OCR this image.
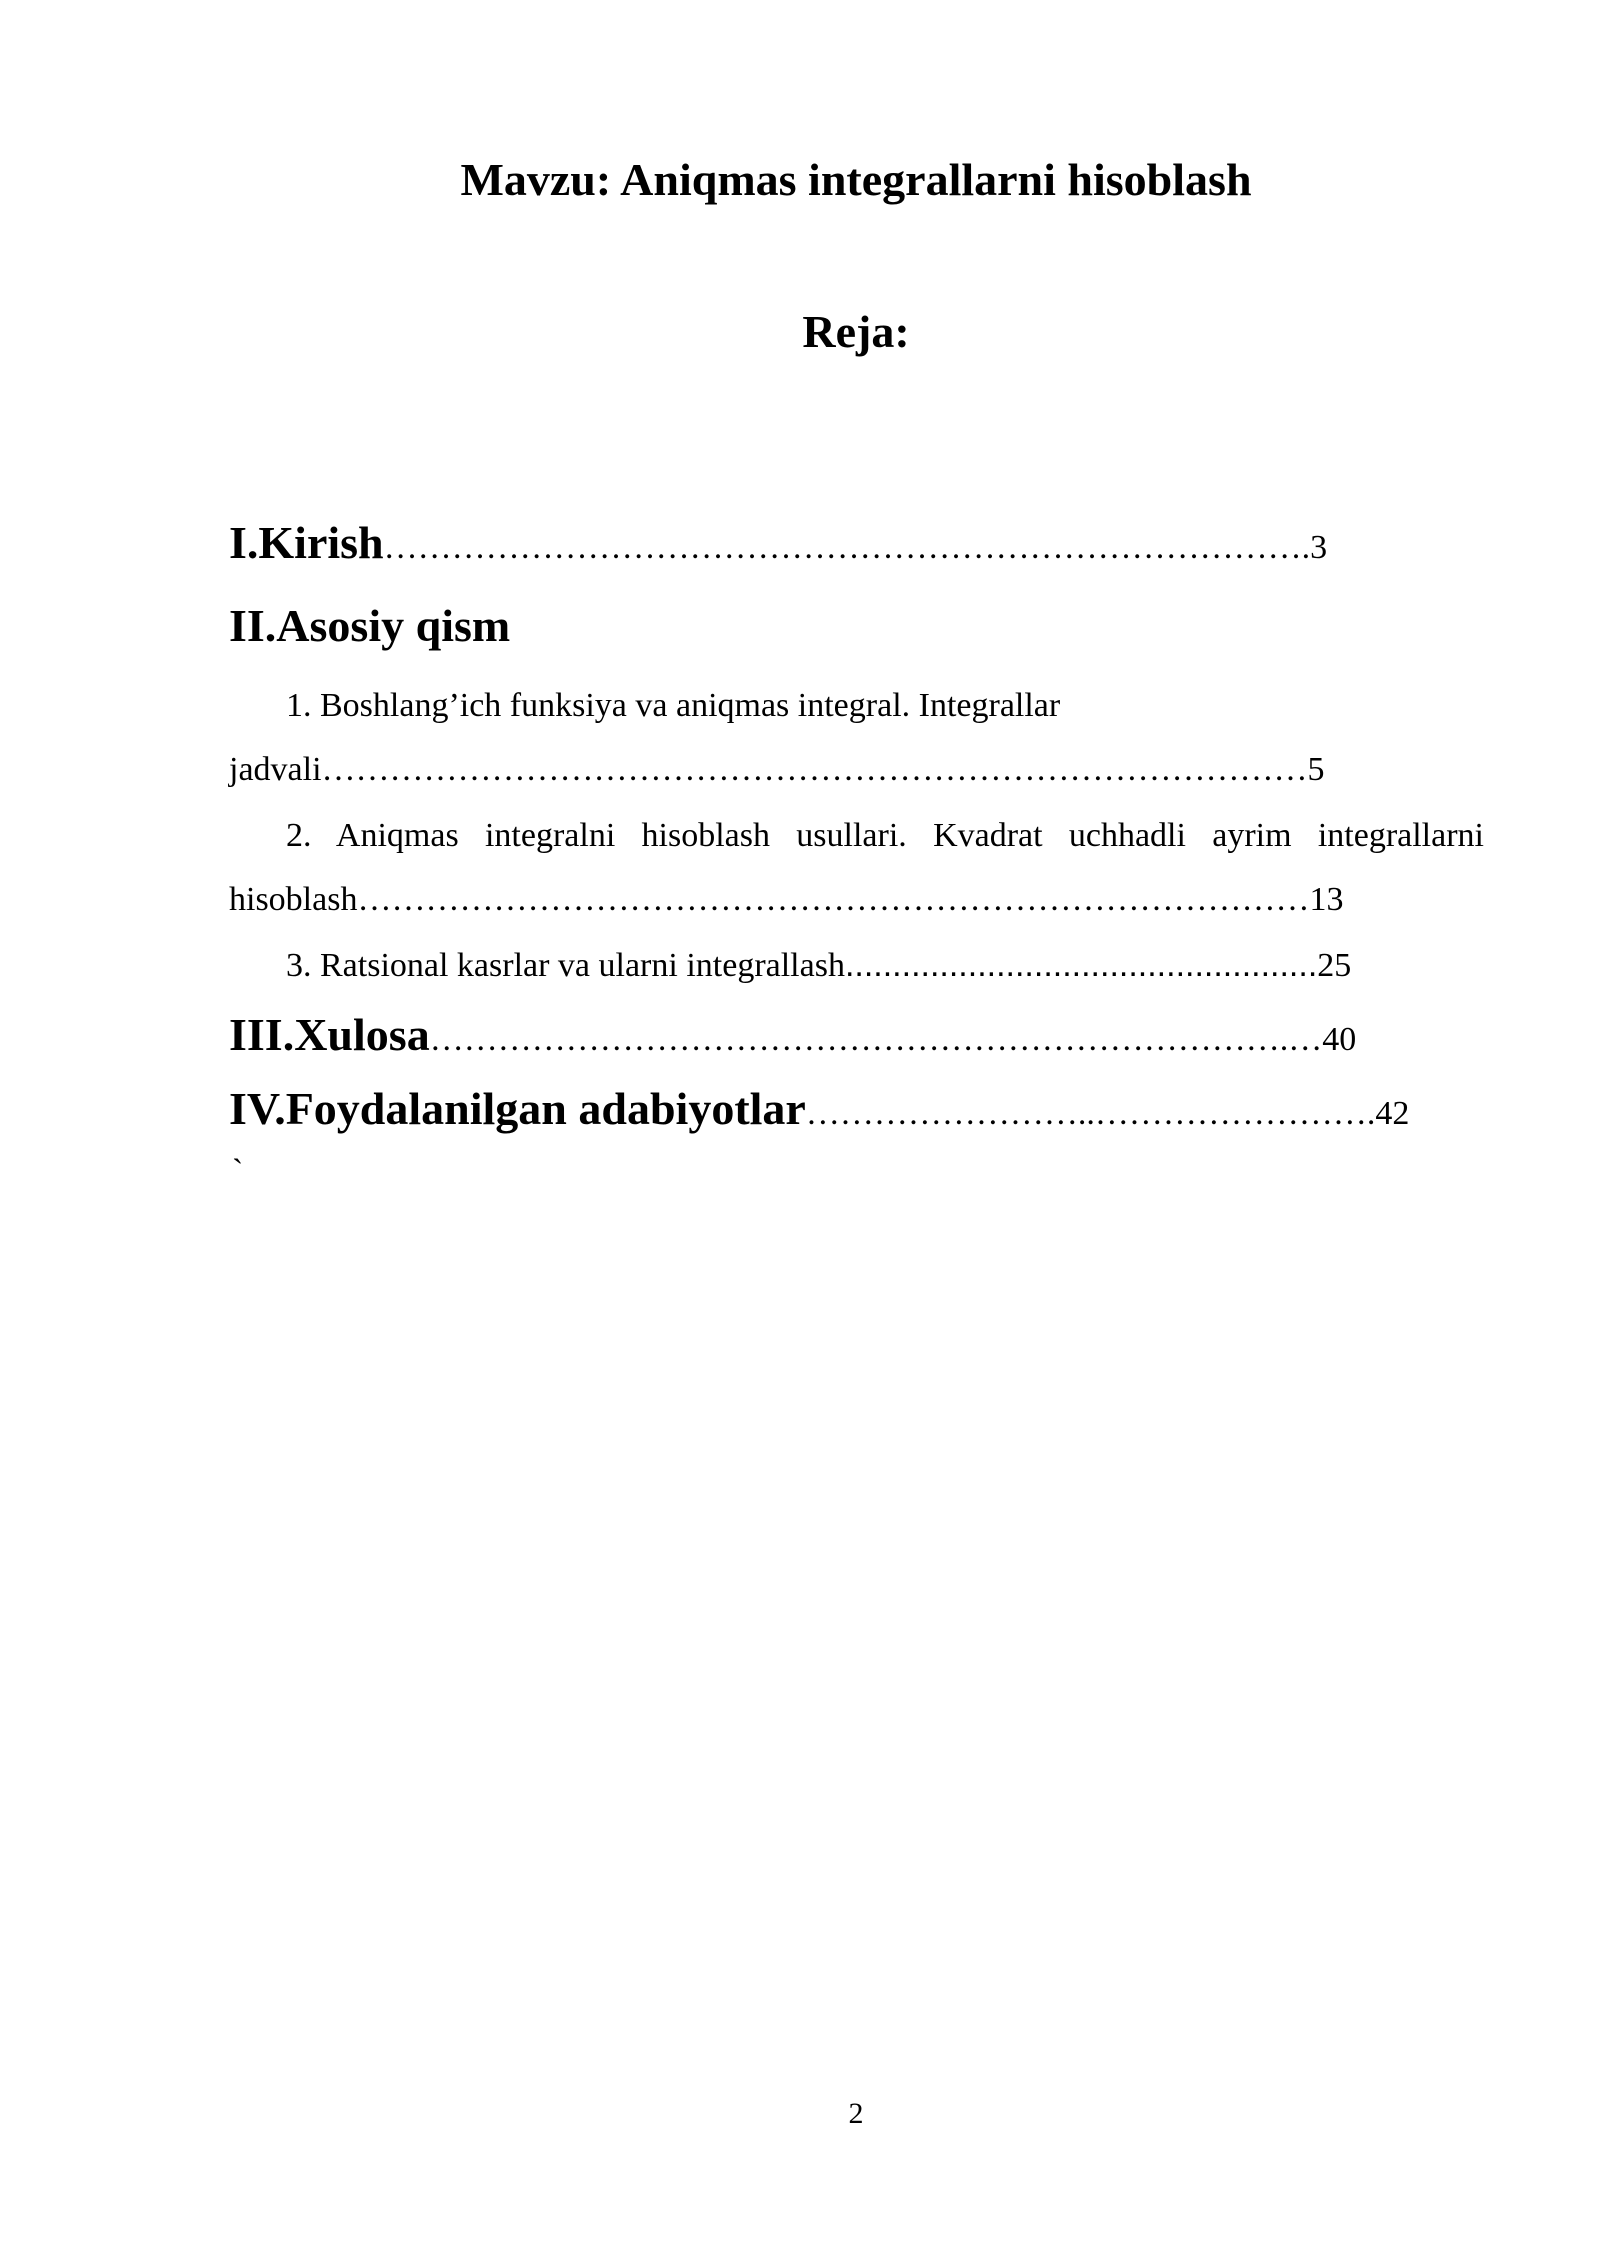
Mavzu: Aniqmas integrallarni hisoblash
Reja:
I.Kirish……………………………………………………………………….3
II.Asosiy qism
1. Boshlang’ich funksiya va aniqmas integral. Integrallar
jadvali……………………………………………………………………………5
2. Aniqmas integralni hisoblash usullari. Kvadrat uchhadli ayrim integrallarni
hisoblash…………………………………………………………………………13
3. Ratsional kasrlar va ularni integrallash..................................................25
III.Xulosa………………………………………………………………….…40
IV.Foydalanilgan adabiyotlar……………………..…………………….42
`
2
